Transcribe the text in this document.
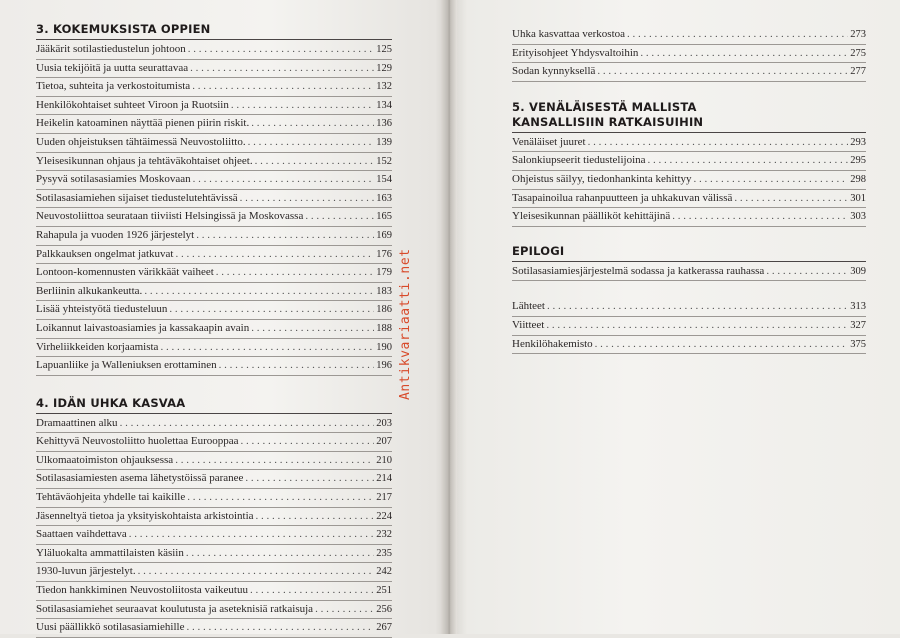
3. KOKEMUKSISTA OPPIEN
Jääkärit sotilastiedustelun johtoon . . .	125
Uusia tekijöitä ja uutta seurattavaa . . .	129
Tietoa, suhteita ja verkostoitumista . . .	132
Henkilökohtaiset suhteet Viroon ja Ruotsiin . . .	134
Heikelin katoaminen näyttää pienen piirin riskit. . . .	136
Uuden ohjeistuksen tähtäimessä Neuvostoliitto. . . .	139
Yleisesikunnan ohjaus ja tehtäväkohtaiset ohjeet. . . .	152
Pysyvä sotilasasiamies Moskovaan . . .	154
Sotilasasiamiehen sijaiset tiedustelutehtävissä . . .	163
Neuvostoliittoa seurataan tiiviisti Helsingissä ja Moskovassa . . .	165
Rahapula ja vuoden 1926 järjestelyt . . .	169
Palkkauksen ongelmat jatkuvat . . .	176
Lontoon-komennusten värikkäät vaiheet . . .	179
Berliinin alkukankeutta. . . .	183
Lisää yhteistyötä tiedusteluun . . .	186
Loikannut laivastoasiamies ja kassakaapin avain . . .	188
Virheliikkeiden korjaamista . . .	190
Lapuanliike ja Walleniuksen erottaminen . . .	196
4. IDÄN UHKA KASVAA
Dramaattinen alku . . .	203
Kehittyvä Neuvostoliitto huolettaa Eurooppaa . . .	207
Ulkomaatoimiston ohjauksessa . . .	210
Sotilasasiamiesten asema lähetystöissä paranee . . .	214
Tehtäväohjeita yhdelle tai kaikille . . .	217
Jäsenneltyä tietoa ja yksityiskohtaista arkistointia . . .	224
Saattaen vaihdettava . . .	232
Yläluokalta ammattilaisten käsiin . . .	235
1930-luvun järjestelyt. . . .	242
Tiedon hankkiminen Neuvostoliitosta vaikeutuu . . .	251
Sotilasasiamiehet seuraavat koulutusta ja aseteknisiä ratkaisuja . . .	256
Uusi päällikkö sotilasasiamiehille . . .	267
Uhka kasvattaa verkostoa . . .	273
Erityisohjeet Yhdysvaltoihin . . .	275
Sodan kynnyksellä . . .	277
5. VENÄLÄISESTÄ MALLISTA
KANSALLISIIN RATKAISUIHIN
Venäläiset juuret . . .	293
Salonkiupseerit tiedustelijoina . . .	295
Ohjeistus säilyy, tiedonhankinta kehittyy . . .	298
Tasapainoilua rahanpuutteen ja uhkakuvan välissä . . .	301
Yleisesikunnan päälliköt kehittäjinä . . .	303
EPILOGI
Sotilasasiamiesjärjestelmä sodassa ja katkerassa rauhassa . . .	309
Lähteet . . .	313
Viitteet . . .	327
Henkilöhakemisto . . .	375
Antikvariaatti.net
